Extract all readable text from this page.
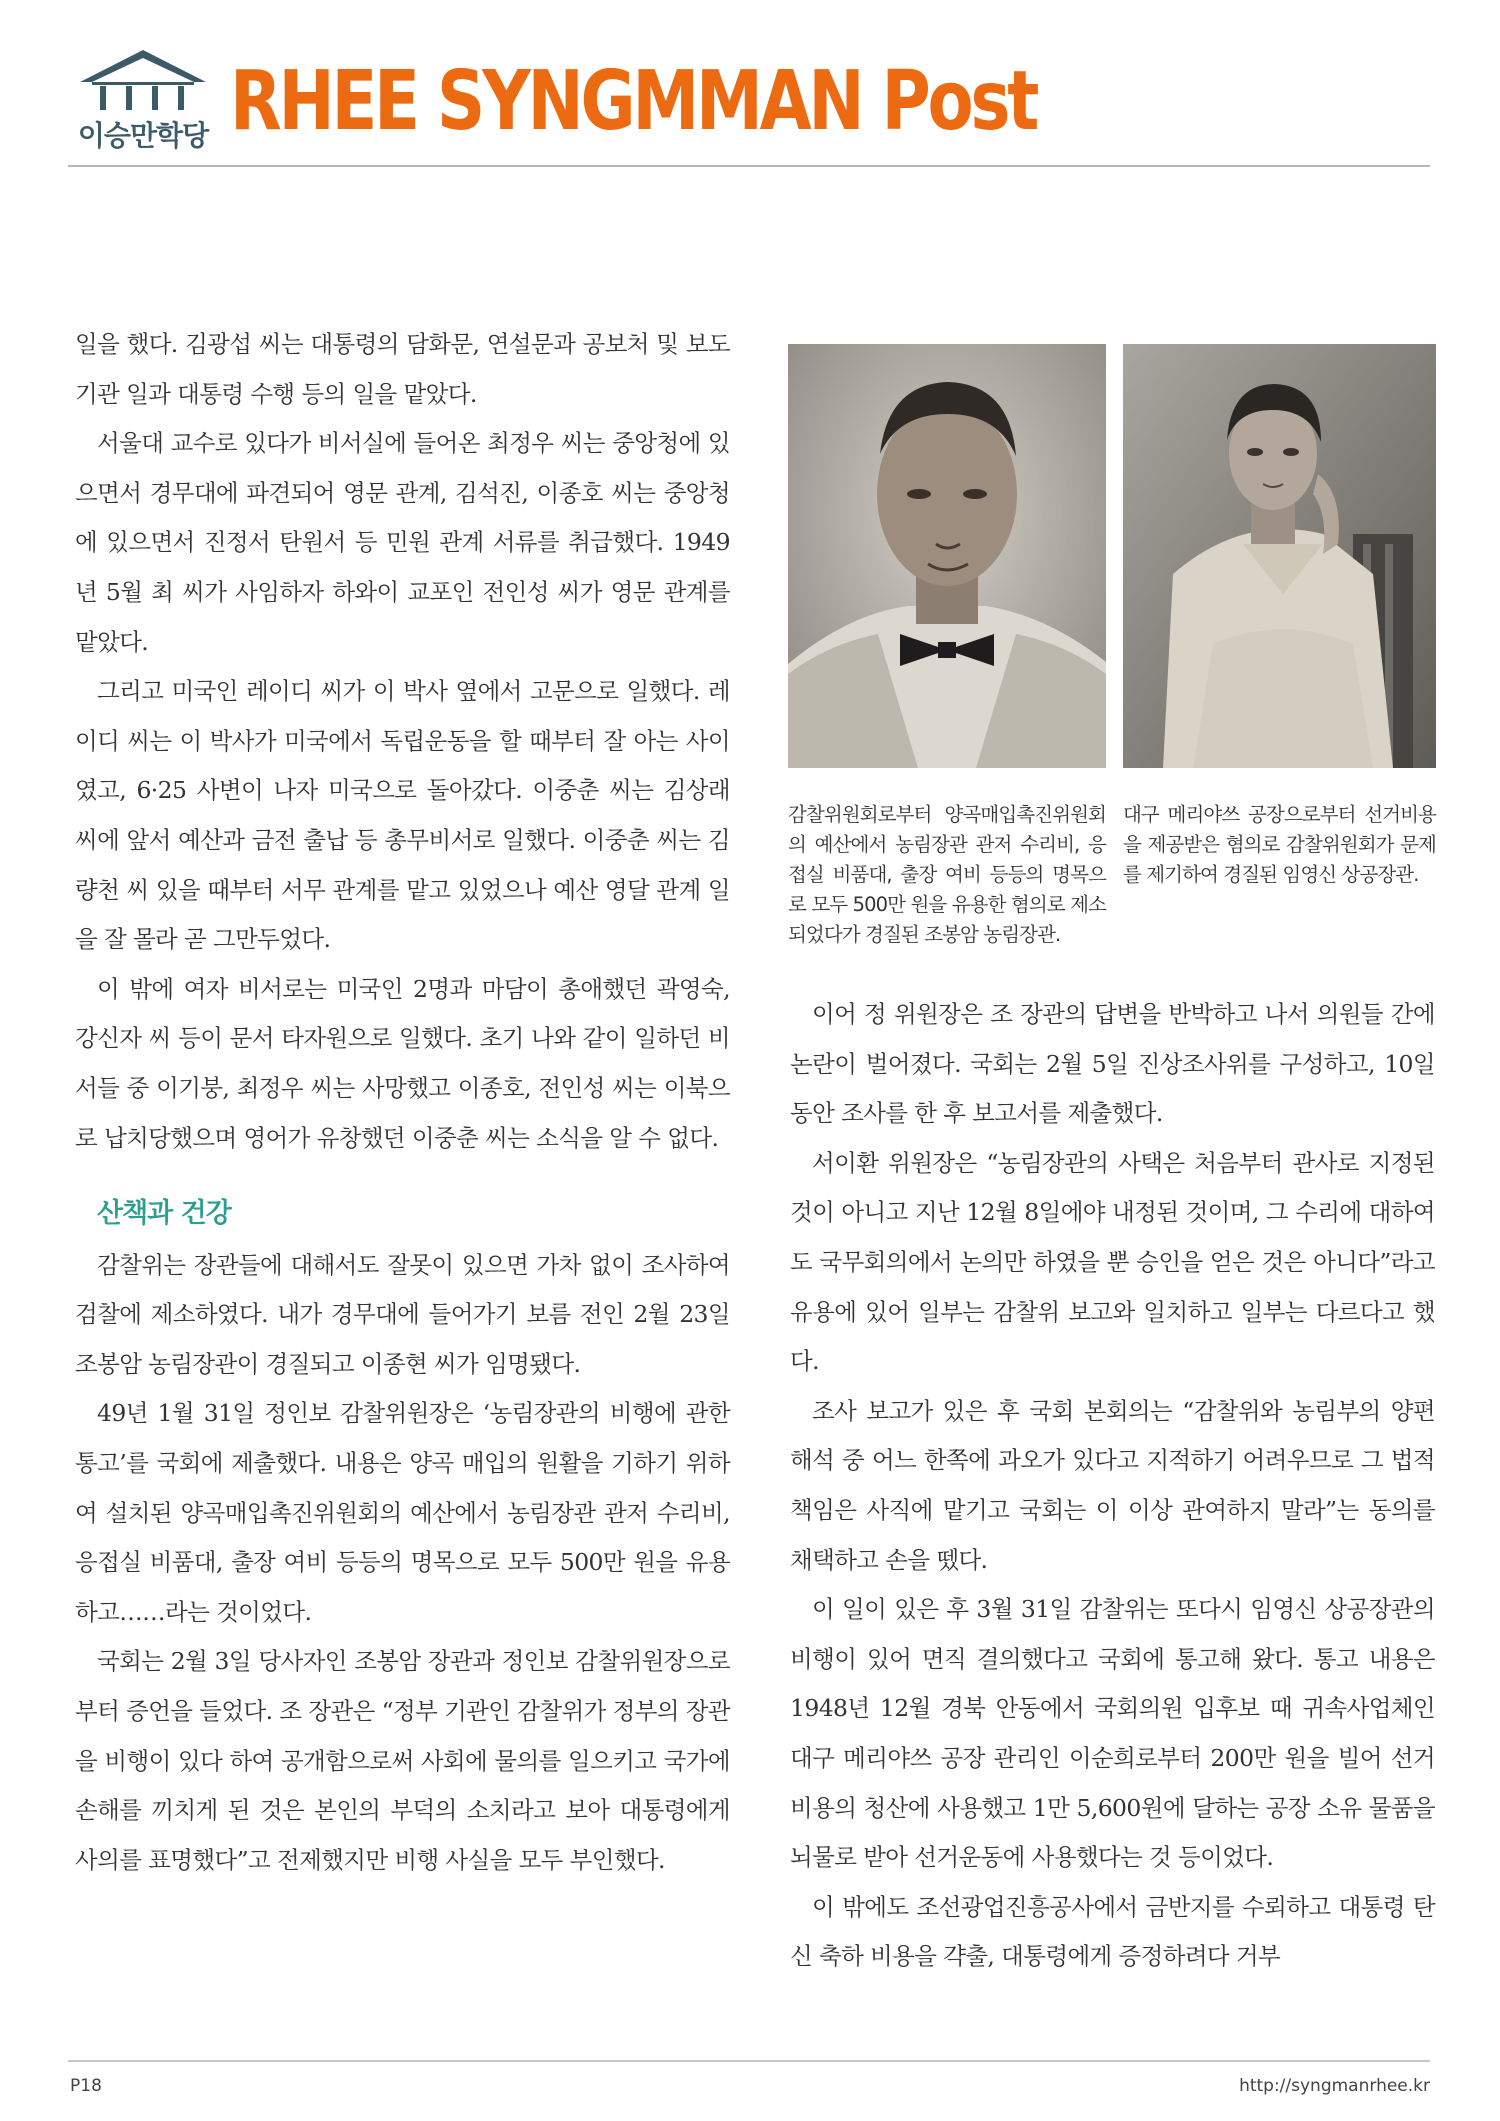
이승만학당 RHEE SYNGMMAN Post

일을 했다. 김광섭 씨는 대통령의 담화문, 연설문과 공보처 및 보도기관 일과 대통령 수행 등의 일을 맡았다.

서울대 교수로 있다가 비서실에 들어온 최정우 씨는 중앙청에 있으면서 경무대에 파견되어 영문 관계, 김석진, 이종호 씨는 중앙청에 있으면서 진정서 탄원서 등 민원 관계 서류를 취급했다. 1949년 5월 최 씨가 사임하자 하와이 교포인 전인성 씨가 영문 관계를 맡았다.

그리고 미국인 레이디 씨가 이 박사 옆에서 고문으로 일했다. 레이디 씨는 이 박사가 미국에서 독립운동을 할 때부터 잘 아는 사이였고, 6·25 사변이 나자 미국으로 돌아갔다. 이중춘 씨는 김상래 씨에 앞서 예산과 금전 출납 등 총무비서로 일했다. 이중춘 씨는 김량천 씨 있을 때부터 서무 관계를 맡고 있었으나 예산 영달 관계 일을 잘 몰라 곧 그만두었다.

이 밖에 여자 비서로는 미국인 2명과 마담이 총애했던 곽영숙, 강신자 씨 등이 문서 타자원으로 일했다. 초기 나와 같이 일하던 비서들 중 이기붕, 최정우 씨는 사망했고 이종호, 전인성 씨는 이북으로 납치당했으며 영어가 유창했던 이중춘 씨는 소식을 알 수 없다.

산책과 건강

감찰위는 장관들에 대해서도 잘못이 있으면 가차 없이 조사하여 검찰에 제소하였다. 내가 경무대에 들어가기 보름 전인 2월 23일 조봉암 농림장관이 경질되고 이종현 씨가 임명됐다.

49년 1월 31일 정인보 감찰위원장은 ‘농림장관의 비행에 관한 통고’를 국회에 제출했다. 내용은 양곡 매입의 원활을 기하기 위하여 설치된 양곡매입촉진위원회의 예산에서 농림장관 관저 수리비, 응접실 비품대, 출장 여비 등등의 명목으로 모두 500만 원을 유용하고……라는 것이었다.

국회는 2월 3일 당사자인 조봉암 장관과 정인보 감찰위원장으로부터 증언을 들었다. 조 장관은 “정부 기관인 감찰위가 정부의 장관을 비행이 있다 하여 공개함으로써 사회에 물의를 일으키고 국가에 손해를 끼치게 된 것은 본인의 부덕의 소치라고 보아 대통령에게 사의를 표명했다”고 전제했지만 비행 사실을 모두 부인했다.

감찰위원회로부터 양곡매입촉진위원회의 예산에서 농림장관 관저 수리비, 응접실 비품대, 출장 여비 등등의 명목으로 모두 500만 원을 유용한 혐의로 제소되었다가 경질된 조봉암 농림장관.
대구 메리야쓰 공장으로부터 선거비용을 제공받은 혐의로 감찰위원회가 문제를 제기하여 경질된 임영신 상공장관.

이어 정 위원장은 조 장관의 답변을 반박하고 나서 의원들 간에 논란이 벌어졌다. 국회는 2월 5일 진상조사위를 구성하고, 10일 동안 조사를 한 후 보고서를 제출했다.

서이환 위원장은 “농림장관의 사택은 처음부터 관사로 지정된 것이 아니고 지난 12월 8일에야 내정된 것이며, 그 수리에 대하여도 국무회의에서 논의만 하였을 뿐 승인을 얻은 것은 아니다”라고 유용에 있어 일부는 감찰위 보고와 일치하고 일부는 다르다고 했다.

조사 보고가 있은 후 국회 본회의는 “감찰위와 농림부의 양편 해석 중 어느 한쪽에 과오가 있다고 지적하기 어려우므로 그 법적 책임은 사직에 맡기고 국회는 이 이상 관여하지 말라”는 동의를 채택하고 손을 뗐다.

이 일이 있은 후 3월 31일 감찰위는 또다시 임영신 상공장관의 비행이 있어 면직 결의했다고 국회에 통고해 왔다. 통고 내용은 1948년 12월 경북 안동에서 국회의원 입후보 때 귀속사업체인 대구 메리야쓰 공장 관리인 이순희로부터 200만 원을 빌어 선거 비용의 청산에 사용했고 1만 5,600원에 달하는 공장 소유 물품을 뇌물로 받아 선거운동에 사용했다는 것 등이었다.

이 밖에도 조선광업진흥공사에서 금반지를 수뢰하고 대통령 탄신 축하 비용을 갹출, 대통령에게 증정하려다 거부

P18	http://syngmanrhee.kr
